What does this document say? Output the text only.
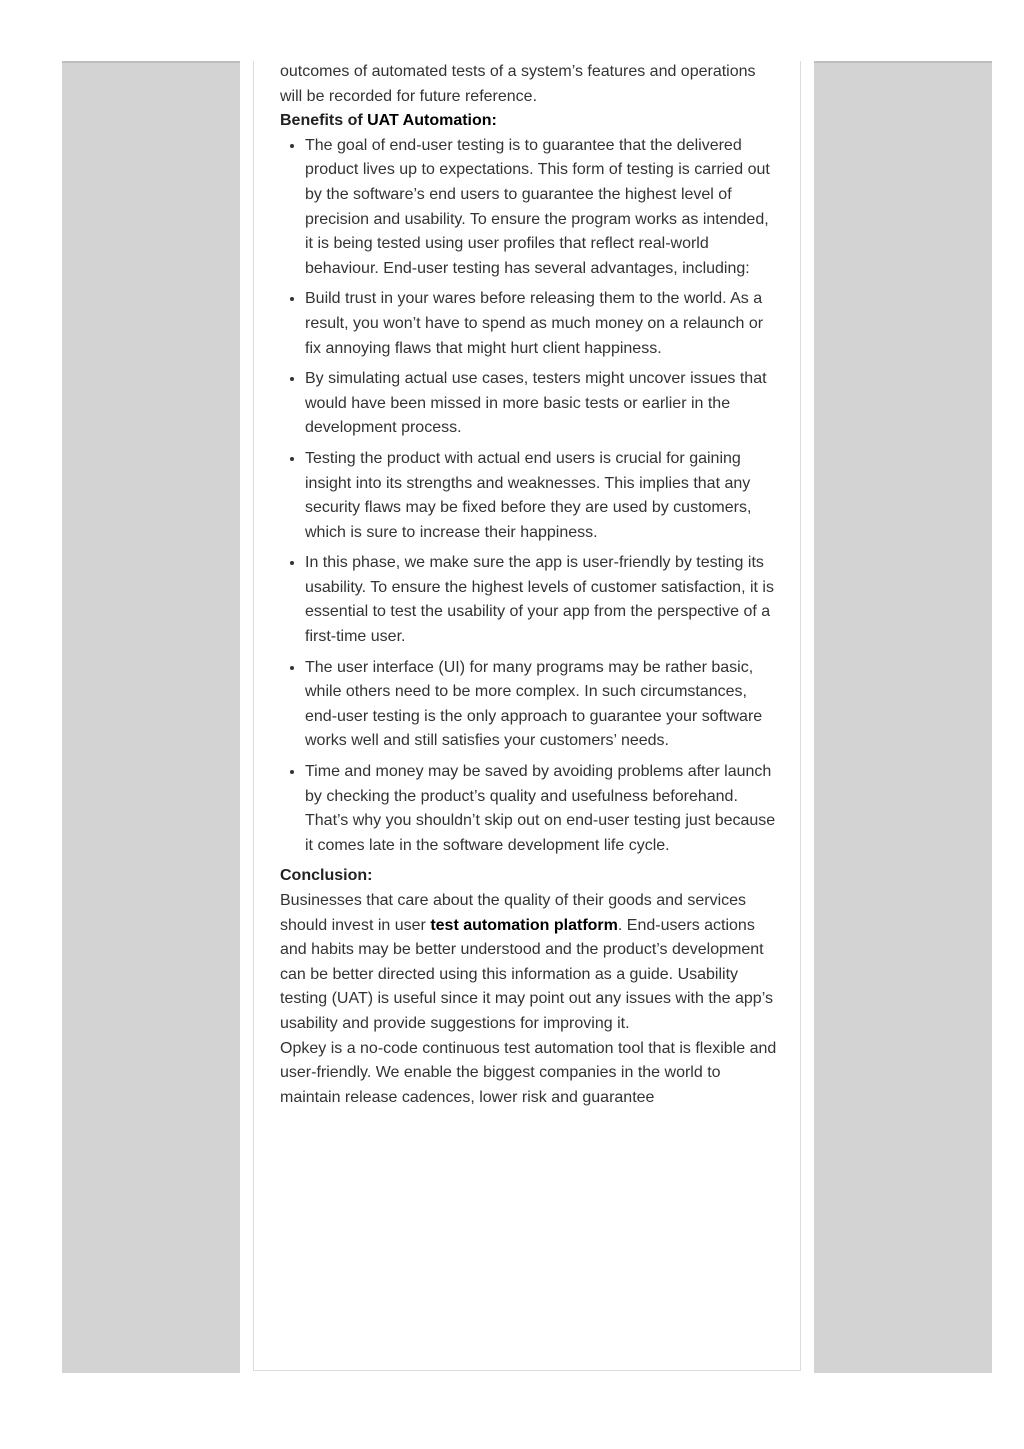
outcomes of automated tests of a system’s features and operations will be recorded for future reference.

Benefits of UAT Automation:

• The goal of end-user testing is to guarantee that the delivered product lives up to expectations. This form of testing is carried out by the software’s end users to guarantee the highest level of precision and usability. To ensure the program works as intended, it is being tested using user profiles that reflect real-world behaviour. End-user testing has several advantages, including:
• Build trust in your wares before releasing them to the world. As a result, you won’t have to spend as much money on a relaunch or fix annoying flaws that might hurt client happiness.
• By simulating actual use cases, testers might uncover issues that would have been missed in more basic tests or earlier in the development process.
• Testing the product with actual end users is crucial for gaining insight into its strengths and weaknesses. This implies that any security flaws may be fixed before they are used by customers, which is sure to increase their happiness.
• In this phase, we make sure the app is user-friendly by testing its usability. To ensure the highest levels of customer satisfaction, it is essential to test the usability of your app from the perspective of a first-time user.
• The user interface (UI) for many programs may be rather basic, while others need to be more complex. In such circumstances, end-user testing is the only approach to guarantee your software works well and still satisfies your customers’ needs.
• Time and money may be saved by avoiding problems after launch by checking the product’s quality and usefulness beforehand. That’s why you shouldn’t skip out on end-user testing just because it comes late in the software development life cycle.

Conclusion:

Businesses that care about the quality of their goods and services should invest in user test automation platform. End-users actions and habits may be better understood and the product’s development can be better directed using this information as a guide. Usability testing (UAT) is useful since it may point out any issues with the app’s usability and provide suggestions for improving it.

Opkey is a no-code continuous test automation tool that is flexible and user-friendly. We enable the biggest companies in the world to maintain release cadences, lower risk and guarantee
